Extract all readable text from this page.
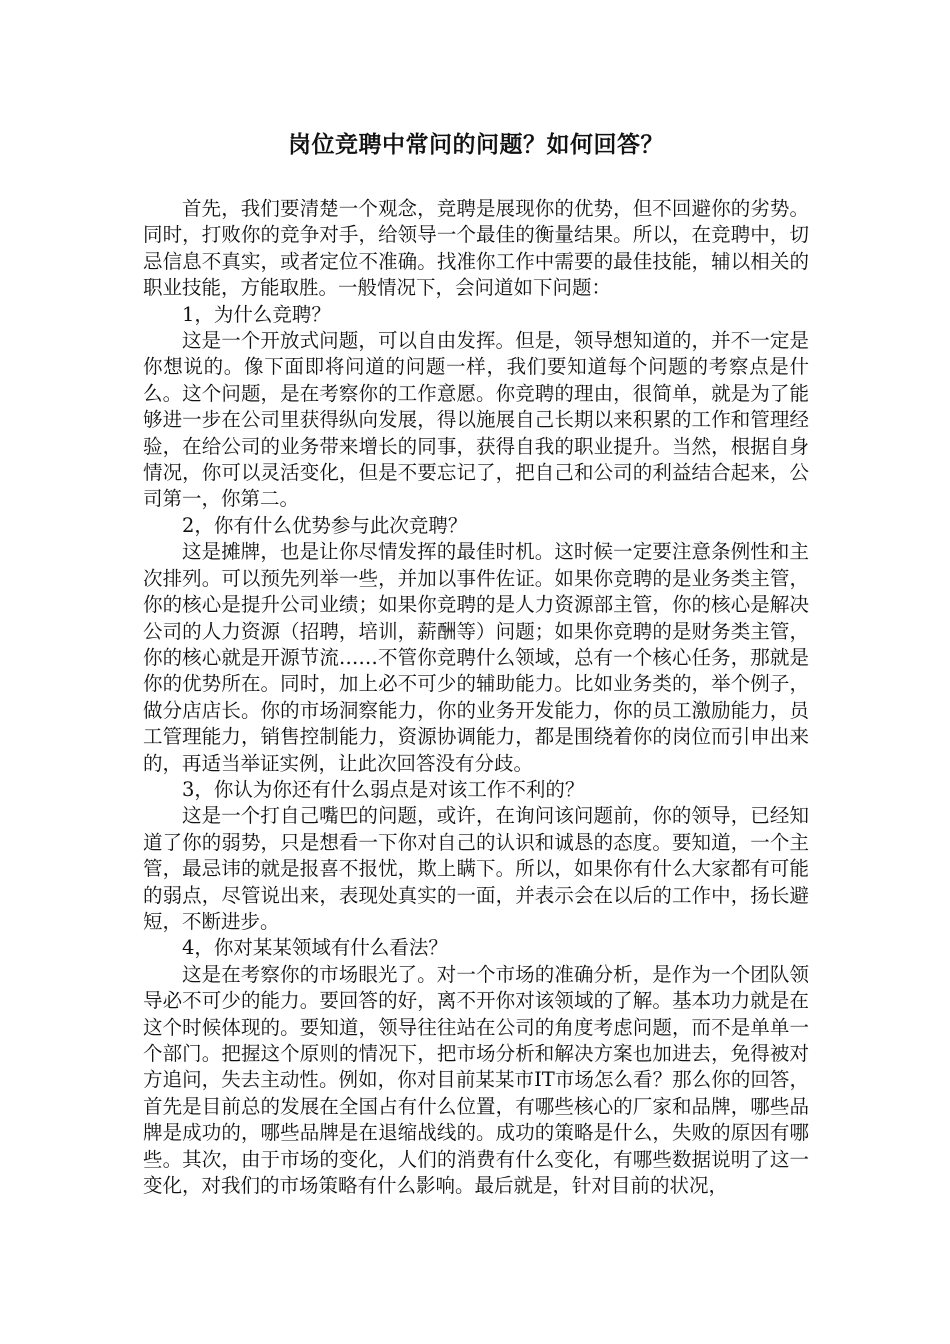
岗位竞聘中常问的问题？如何回答？

首先，我们要清楚一个观念，竞聘是展现你的优势，但不回避你的劣势。同时，打败你的竞争对手，给领导一个最佳的衡量结果。所以，在竞聘中，切忌信息不真实，或者定位不准确。找准你工作中需要的最佳技能，辅以相关的职业技能，方能取胜。一般情况下，会问道如下问题：

1，为什么竞聘？

这是一个开放式问题，可以自由发挥。但是，领导想知道的，并不一定是你想说的。像下面即将问道的问题一样，我们要知道每个问题的考察点是什么。这个问题，是在考察你的工作意愿。你竞聘的理由，很简单，就是为了能够进一步在公司里获得纵向发展，得以施展自己长期以来积累的工作和管理经验，在给公司的业务带来增长的同事，获得自我的职业提升。当然，根据自身情况，你可以灵活变化，但是不要忘记了，把自己和公司的利益结合起来，公司第一，你第二。

2，你有什么优势参与此次竞聘？

这是摊牌，也是让你尽情发挥的最佳时机。这时候一定要注意条例性和主次排列。可以预先列举一些，并加以事件佐证。如果你竞聘的是业务类主管，你的核心是提升公司业绩；如果你竞聘的是人力资源部主管，你的核心是解决公司的人力资源（招聘，培训，薪酬等）问题；如果你竞聘的是财务类主管，你的核心就是开源节流……不管你竞聘什么领域，总有一个核心任务，那就是你的优势所在。同时，加上必不可少的辅助能力。比如业务类的，举个例子，做分店店长。你的市场洞察能力，你的业务开发能力，你的员工激励能力，员工管理能力，销售控制能力，资源协调能力，都是围绕着你的岗位而引申出来的，再适当举证实例，让此次回答没有分歧。

3，你认为你还有什么弱点是对该工作不利的？

这是一个打自己嘴巴的问题，或许，在询问该问题前，你的领导，已经知道了你的弱势，只是想看一下你对自己的认识和诚恳的态度。要知道，一个主管，最忌讳的就是报喜不报忧，欺上瞒下。所以，如果你有什么大家都有可能的弱点，尽管说出来，表现处真实的一面，并表示会在以后的工作中，扬长避短，不断进步。

4，你对某某领域有什么看法？

这是在考察你的市场眼光了。对一个市场的准确分析，是作为一个团队领导必不可少的能力。要回答的好，离不开你对该领域的了解。基本功力就是在这个时候体现的。要知道，领导往往站在公司的角度考虑问题，而不是单单一个部门。把握这个原则的情况下，把市场分析和解决方案也加进去，免得被对方追问，失去主动性。例如，你对目前某某市IT市场怎么看？那么你的回答，首先是目前总的发展在全国占有什么位置，有哪些核心的厂家和品牌，哪些品牌是成功的，哪些品牌是在退缩战线的。成功的策略是什么，失败的原因有哪些。其次，由于市场的变化，人们的消费有什么变化，有哪些数据说明了这一变化，对我们的市场策略有什么影响。最后就是，针对目前的状况，
